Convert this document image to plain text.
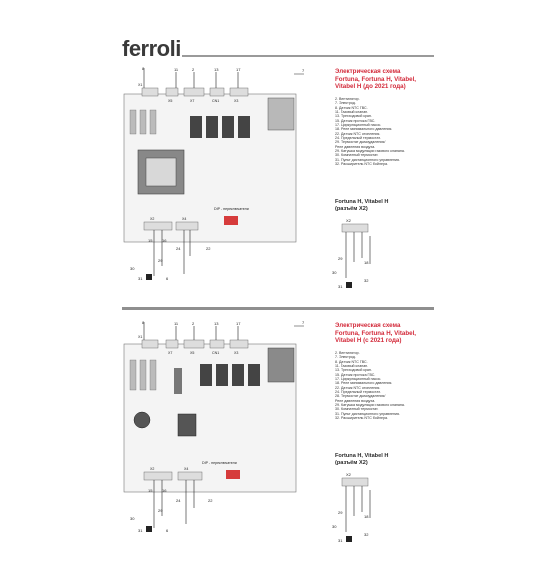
ferroli
DIP - переключатели
8	11	2	13	17	7
15 16
24	22
29
30
31	6
X1
X5	X7	CN1	X3
X2	X4
Электрическая схема
Fortuna, Fortuna H, Vitabel,
Vitabel H (до 2021 года)
2. Вентилятор.
7. Электрод.
8. Датчик NTC ГВС.
11. Газовый клапан.
13. Трехходовой кран.
15. Датчик протока ГВС.
17. Циркуляционный насос.
18. Реле минимального давления.
22. Датчик NTC отопления.
24. Предельный термостат.
29. Термостат дымоудаления/
Реле давления воздуха.
29. Катушка модуляции газового клапана.
30. Комнатный термостат.
31. Пульт дистанционного управления.
32. Расширитель NTC бойлера.
Fortuna H, Vitabel H
(разъём X2)
X2
29
18
30
31
32
DIP - переключатели
8	11	2	13	17	7
15 16
24	22
29
30
31	6
X1
X7	X5	CN1	X3
X2	X4
Электрическая схема
Fortuna, Fortuna H, Vitabel,
Vitabel H (с 2021 года)
2. Вентилятор.
7. Электрод.
8. Датчик NTC ГВС.
11. Газовый клапан.
13. Трехходовой кран.
15. Датчик протока ГВС.
17. Циркуляционный насос.
18. Реле минимального давления.
22. Датчик NTC отопления.
24. Предельный термостат.
28. Термостат дымоудаления/
Реле давления воздуха.
29. Катушка модуляции газового клапана.
30. Комнатный термостат.
31. Пульт дистанционного управления.
32. Расширитель NTC бойлера.
Fortuna H, Vitabel H
(разъём X2)
X2
29
18
30
31
32
